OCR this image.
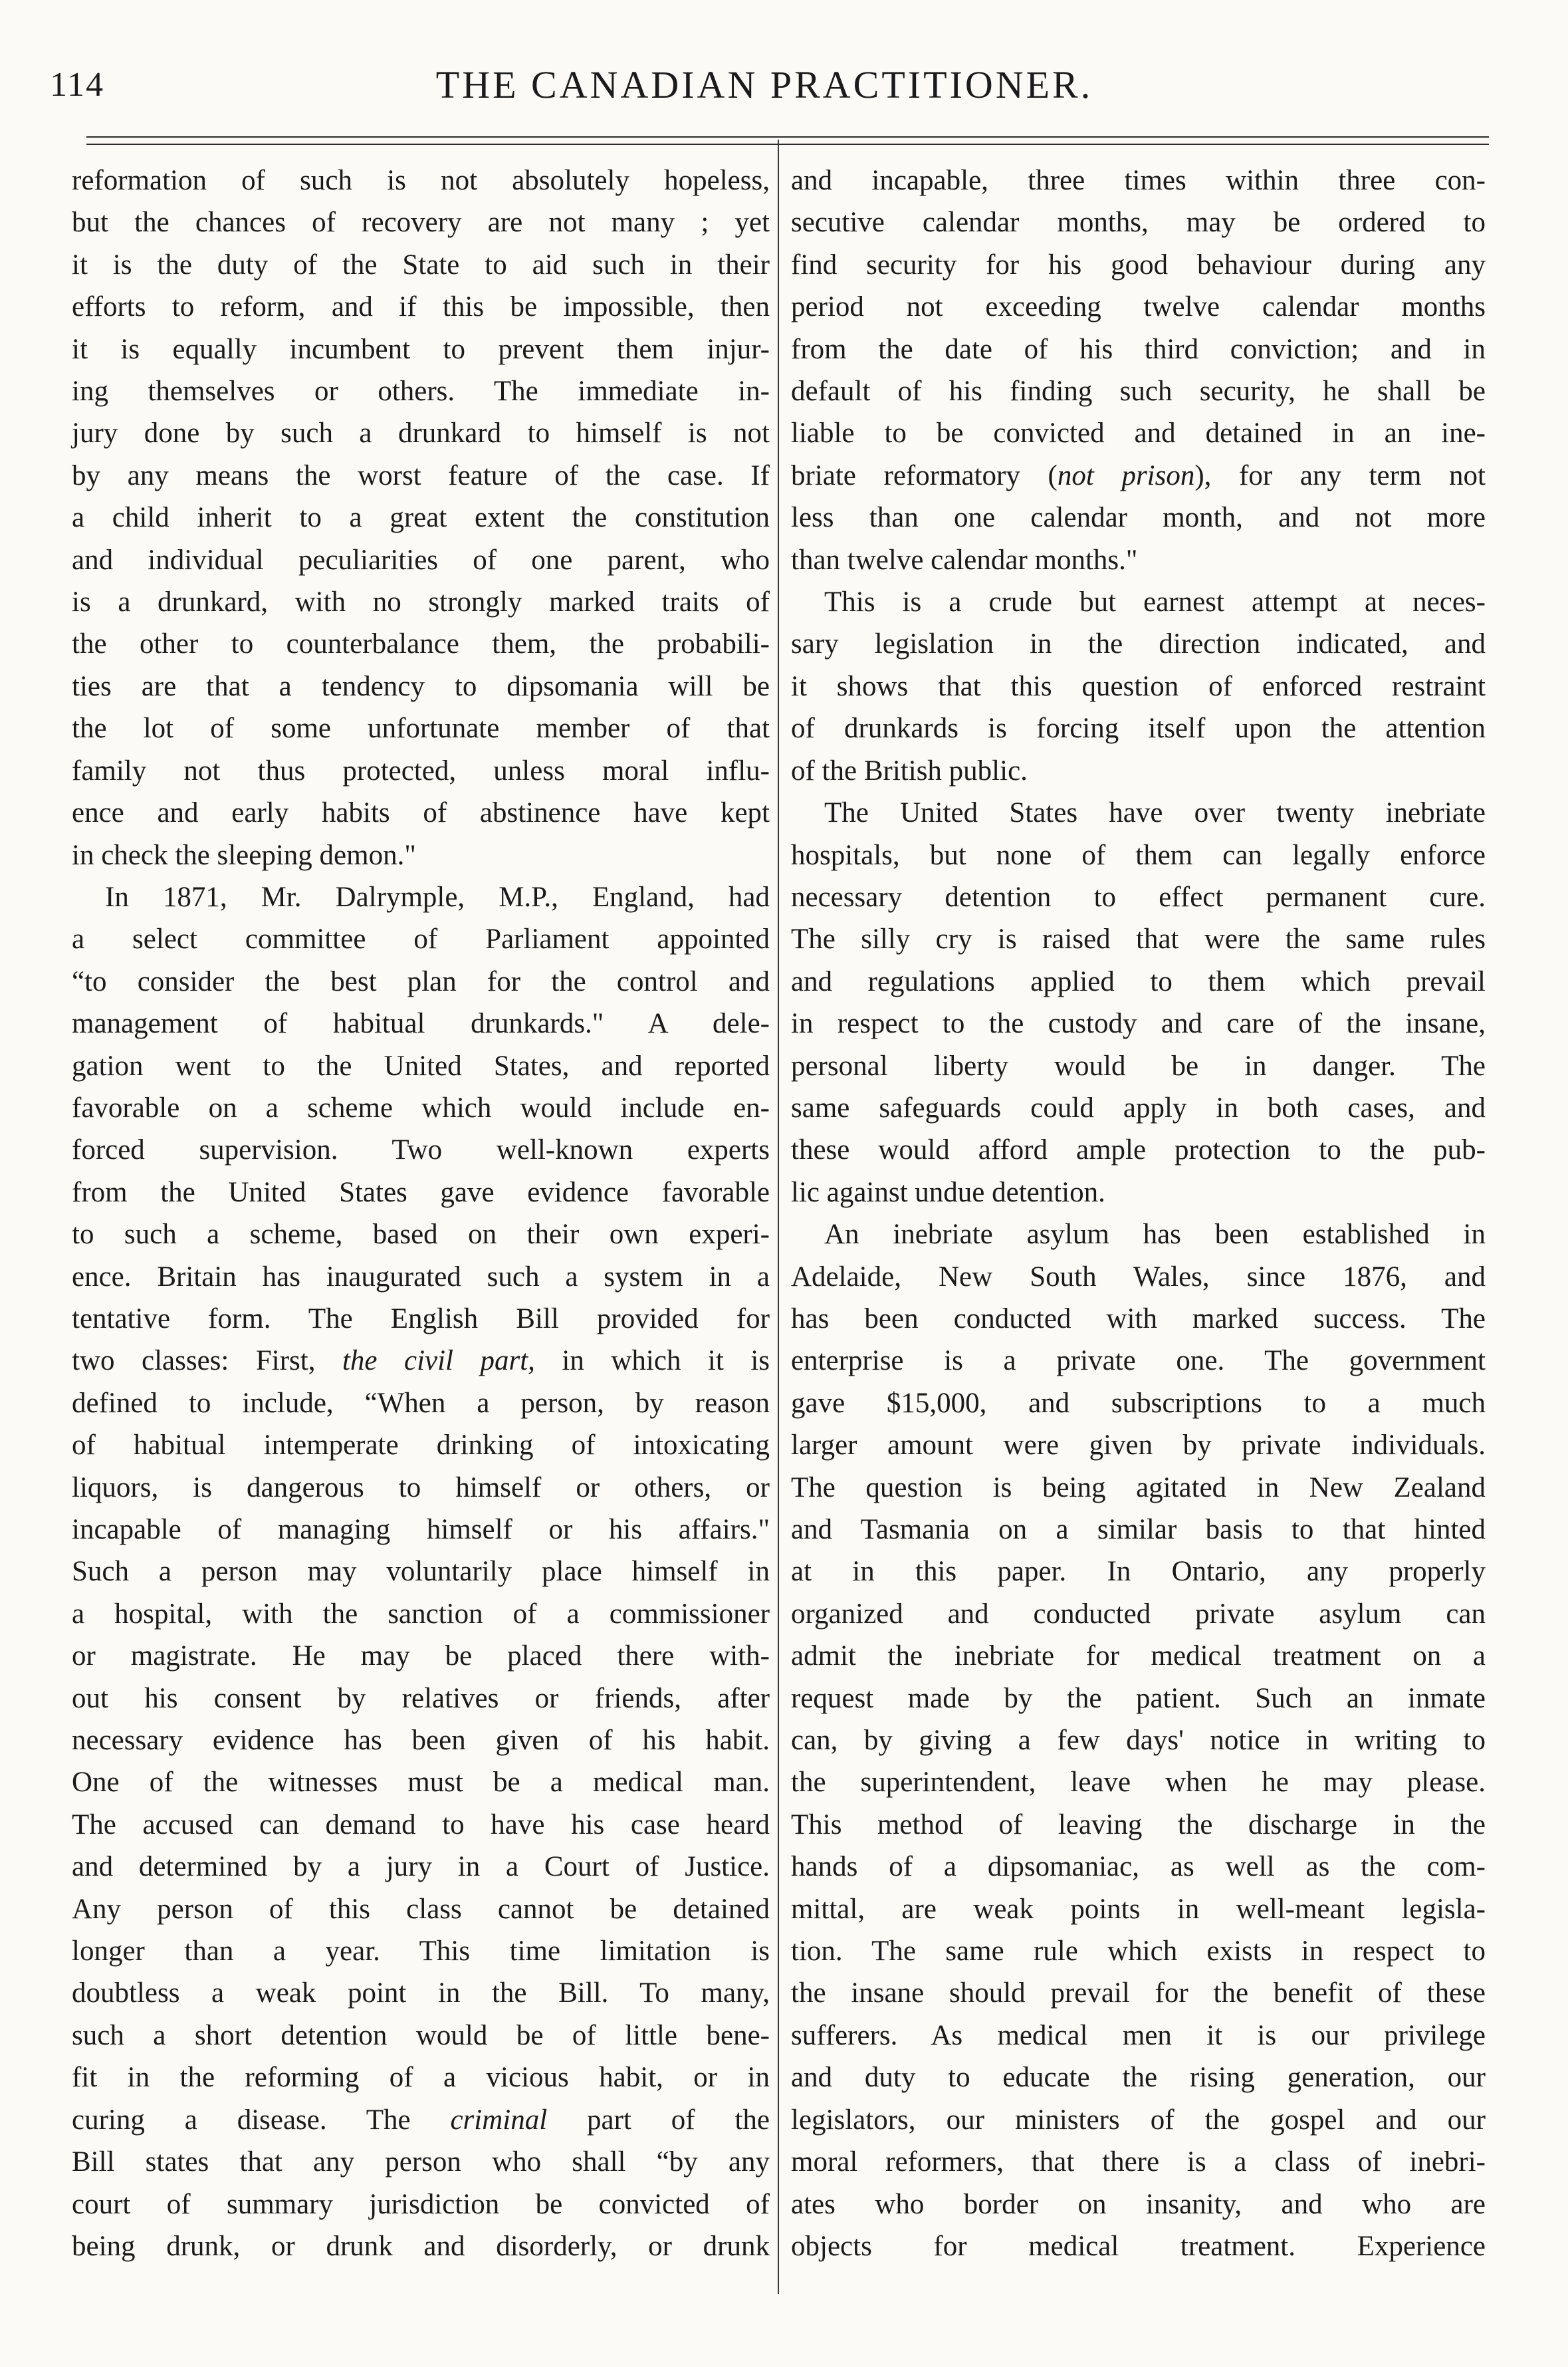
114	THE CANADIAN PRACTITIONER.
reformation of such is not absolutely hopeless,
but the chances of recovery are not many ; yet
it is the duty of the State to aid such in their
efforts to reform, and if this be impossible, then
it is equally incumbent to prevent them injur-
ing themselves or others. The immediate in-
jury done by such a drunkard to himself is not
by any means the worst feature of the case. If
a child inherit to a great extent the constitution
and individual peculiarities of one parent, who
is a drunkard, with no strongly marked traits of
the other to counterbalance them, the probabili-
ties are that a tendency to dipsomania will be
the lot of some unfortunate member of that
family not thus protected, unless moral influ-
ence and early habits of abstinence have kept
in check the sleeping demon."
In 1871, Mr. Dalrymple, M.P., England, had
a select committee of Parliament appointed
“to consider the best plan for the control and
management of habitual drunkards." A dele-
gation went to the United States, and reported
favorable on a scheme which would include en-
forced supervision. Two well-known experts
from the United States gave evidence favorable
to such a scheme, based on their own experi-
ence. Britain has inaugurated such a system in a
tentative form. The English Bill provided for
two classes: First, the civil part, in which it is
defined to include, “When a person, by reason
of habitual intemperate drinking of intoxicating
liquors, is dangerous to himself or others, or
incapable of managing himself or his affairs."
Such a person may voluntarily place himself in
a hospital, with the sanction of a commissioner
or magistrate. He may be placed there with-
out his consent by relatives or friends, after
necessary evidence has been given of his habit.
One of the witnesses must be a medical man.
The accused can demand to have his case heard
and determined by a jury in a Court of Justice.
Any person of this class cannot be detained
longer than a year. This time limitation is
doubtless a weak point in the Bill. To many,
such a short detention would be of little bene-
fit in the reforming of a vicious habit, or in
curing a disease. The criminal part of the
Bill states that any person who shall “by any
court of summary jurisdiction be convicted of
being drunk, or drunk and disorderly, or drunk
and incapable, three times within three con-
secutive calendar months, may be ordered to
find security for his good behaviour during any
period not exceeding twelve calendar months
from the date of his third conviction; and in
default of his finding such security, he shall be
liable to be convicted and detained in an ine-
briate reformatory (not prison), for any term not
less than one calendar month, and not more
than twelve calendar months."
This is a crude but earnest attempt at neces-
sary legislation in the direction indicated, and
it shows that this question of enforced restraint
of drunkards is forcing itself upon the attention
of the British public.
The United States have over twenty inebriate
hospitals, but none of them can legally enforce
necessary detention to effect permanent cure.
The silly cry is raised that were the same rules
and regulations applied to them which prevail
in respect to the custody and care of the insane,
personal liberty would be in danger. The
same safeguards could apply in both cases, and
these would afford ample protection to the pub-
lic against undue detention.
An inebriate asylum has been established in
Adelaide, New South Wales, since 1876, and
has been conducted with marked success. The
enterprise is a private one. The government
gave $15,000, and subscriptions to a much
larger amount were given by private individuals.
The question is being agitated in New Zealand
and Tasmania on a similar basis to that hinted
at in this paper. In Ontario, any properly
organized and conducted private asylum can
admit the inebriate for medical treatment on a
request made by the patient. Such an inmate
can, by giving a few days' notice in writing to
the superintendent, leave when he may please.
This method of leaving the discharge in the
hands of a dipsomaniac, as well as the com-
mittal, are weak points in well-meant legisla-
tion. The same rule which exists in respect to
the insane should prevail for the benefit of these
sufferers. As medical men it is our privilege
and duty to educate the rising generation, our
legislators, our ministers of the gospel and our
moral reformers, that there is a class of inebri-
ates who border on insanity, and who are
objects for medical treatment. Experience
